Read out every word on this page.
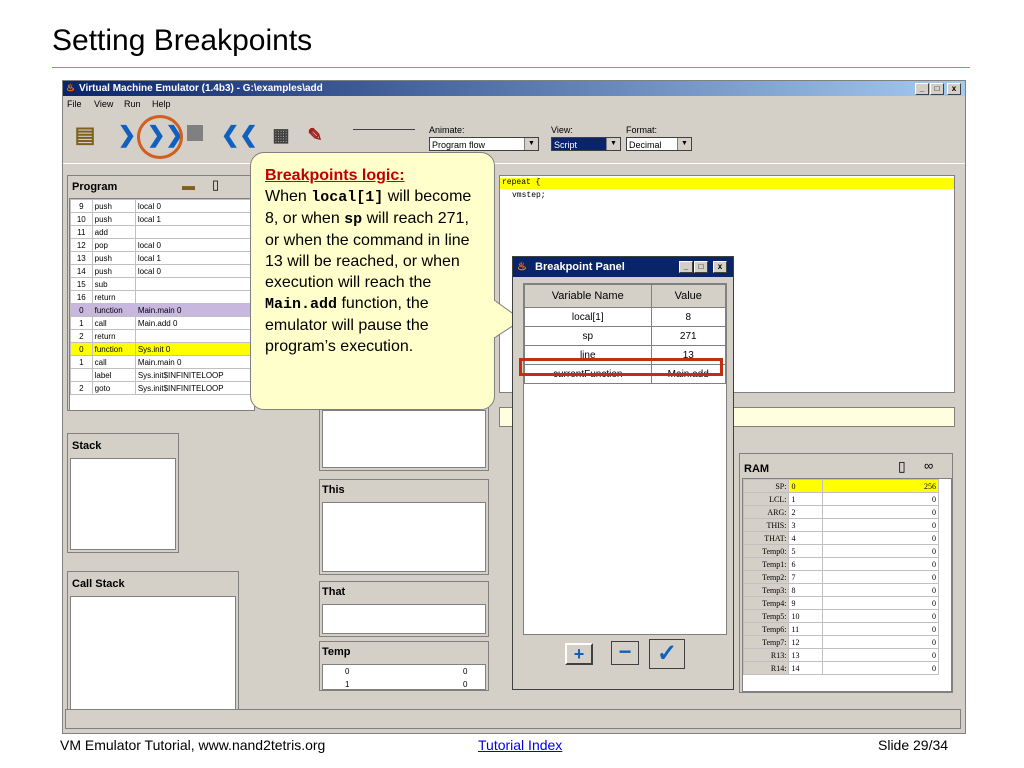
Setting Breakpoints
♨ Virtual Machine Emulator (1.4b3) - G:\examples\add	_	□	x
File View Run Help
▤ ❯ ❯❯ ❮❮ ▦ ✎	Animate:
Program flow	▼
View:
Script	▼
Format:
Decimal	▼
Program	▬ ▯
9	push	local 0
10	push	local 1
11	add	
12	pop	local 0
13	push	local 1
14	push	local 0
15	sub	
16	return	
0	function	Main.main 0
1	call	Main.add 0
2	return	
0	function	Sys.init 0
1	call	Main.main 0
	label	Sys.init$INFINITELOOP
2	goto	Sys.init$INFINITELOOP
Stack
Call Stack
This
That
Temp
0	0
1	0
repeat {
vmstep;
RAM	▯ ∞
SP:	0	256
LCL:	1	0
ARG:	2	0
THIS:	3	0
THAT:	4	0
Temp0:	5	0
Temp1:	6	0
Temp2:	7	0
Temp3:	8	0
Temp4:	9	0
Temp5:	10	0
Temp6:	11	0
Temp7:	12	0
R13:	13	0
R14:	14	0
Breakpoints logic:
When local[1] will become 8, or when sp will reach 271, or when the command in line 13 will be reached, or when execution will reach the Main.add function, the emulator will pause the program’s execution.
♨ Breakpoint Panel	_	□	x
Variable Name	Value
local[1]	8
sp	271
line	13
currentFunction	Main.add
+	−	✓
VM Emulator Tutorial, www.nand2tetris.org	Tutorial Index	Slide 29/34
